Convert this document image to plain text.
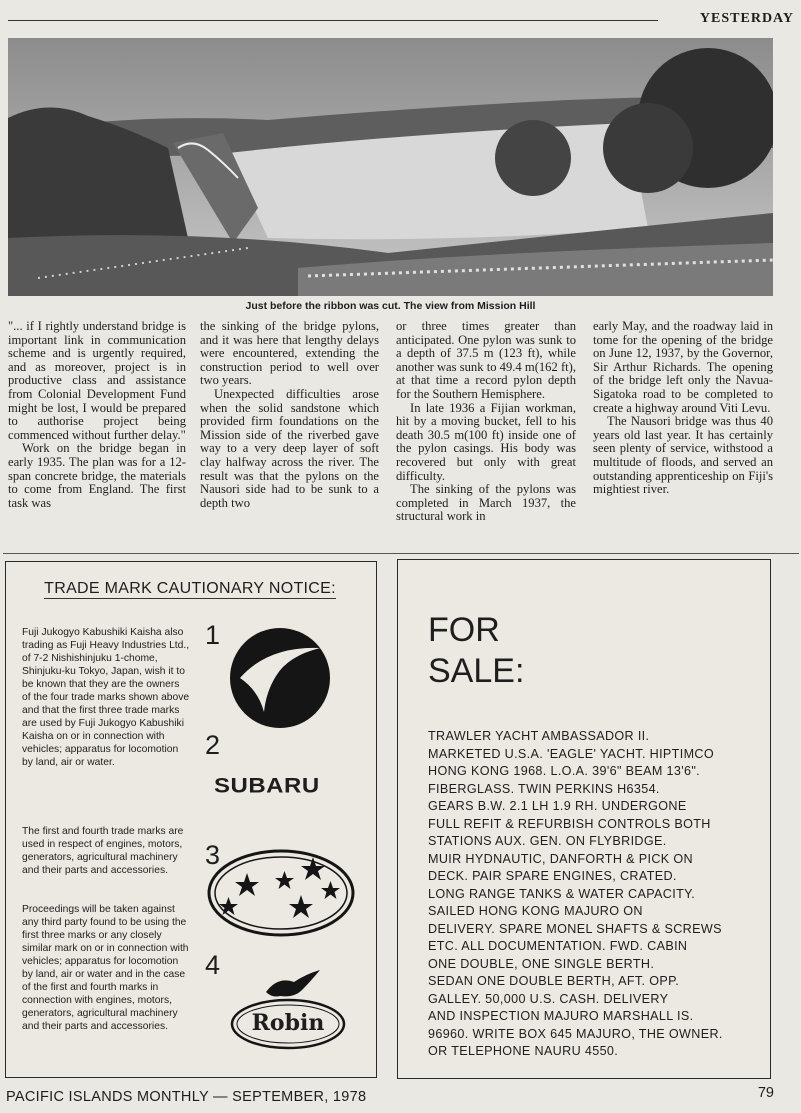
YESTERDAY
Just before the ribbon was cut. The view from Mission Hill

"... if I rightly understand bridge is important link in communication scheme and is urgently required, and as moreover, project is in productive class and assistance from Colonial Development Fund might be lost, I would be prepared to authorise project being commenced without further delay."

Work on the bridge began in early 1935. The plan was for a 12-span concrete bridge, the materials to come from England. The first task was

the sinking of the bridge pylons, and it was here that lengthy delays were encountered, extending the construction period to well over two years.

Unexpected difficulties arose when the solid sandstone which provided firm foundations on the Mission side of the riverbed gave way to a very deep layer of soft clay halfway across the river. The result was that the pylons on the Nausori side had to be sunk to a depth two

or three times greater than anticipated. One pylon was sunk to a depth of 37.5 m (123 ft), while another was sunk to 49.4 m(162 ft), at that time a record pylon depth for the Southern Hemisphere.

In late 1936 a Fijian workman, hit by a moving bucket, fell to his death 30.5 m(100 ft) inside one of the pylon casings. His body was recovered but only with great difficulty.

The sinking of the pylons was completed in March 1937, the structural work in

early May, and the roadway laid in tome for the opening of the bridge on June 12, 1937, by the Governor, Sir Arthur Richards. The opening of the bridge left only the Navua-Sigatoka road to be completed to create a highway around Viti Levu.

The Nausori bridge was thus 40 years old last year. It has certainly seen plenty of service, withstood a multitude of floods, and served an outstanding apprenticeship on Fiji's mightiest river.

TRADE MARK CAUTIONARY NOTICE:

Fuji Jukogyo Kabushiki Kaisha also trading as Fuji Heavy Industries Ltd., of 7-2 Nishishinjuku 1-chome, Shinjuku-ku Tokyo, Japan, wish it to be known that they are the owners of the four trade marks shown above and that the first three trade marks are used by Fuji Jukogyo Kabushiki Kaisha on or in connection with vehicles; apparatus for locomotion by land, air or water.

The first and fourth trade marks are used in respect of engines, motors, generators, agricultural machinery and their parts and accessories.

Proceedings will be taken against any third party found to be using the first three marks or any closely similar mark on or in connection with vehicles; apparatus for locomotion by land, air or water and in the case of the first and fourth marks in connection with engines, motors, generators, agricultural machinery and their parts and accessories.

1
2
3
4
SUBARU
Robin
FOR
SALE:
TRAWLER YACHT AMBASSADOR II.
MARKETED U.S.A. 'EAGLE' YACHT. HIPTIMCO
HONG KONG 1968. L.O.A. 39'6" BEAM 13'6".
FIBERGLASS. TWIN PERKINS H6354.
GEARS B.W. 2.1 LH 1.9 RH. UNDERGONE
FULL REFIT & REFURBISH CONTROLS BOTH
STATIONS AUX. GEN. ON FLYBRIDGE.
MUIR HYDNAUTIC, DANFORTH & PICK ON
DECK. PAIR SPARE ENGINES, CRATED.
LONG RANGE TANKS & WATER CAPACITY.
SAILED HONG KONG MAJURO ON
DELIVERY. SPARE MONEL SHAFTS & SCREWS
ETC. ALL DOCUMENTATION. FWD. CABIN
ONE DOUBLE, ONE SINGLE BERTH.
SEDAN ONE DOUBLE BERTH, AFT. OPP.
GALLEY. 50,000 U.S. CASH. DELIVERY
AND INSPECTION MAJURO MARSHALL IS.
96960. WRITE BOX 645 MAJURO, THE OWNER.
OR TELEPHONE NAURU 4550.
PACIFIC ISLANDS MONTHLY — SEPTEMBER, 1978	79
